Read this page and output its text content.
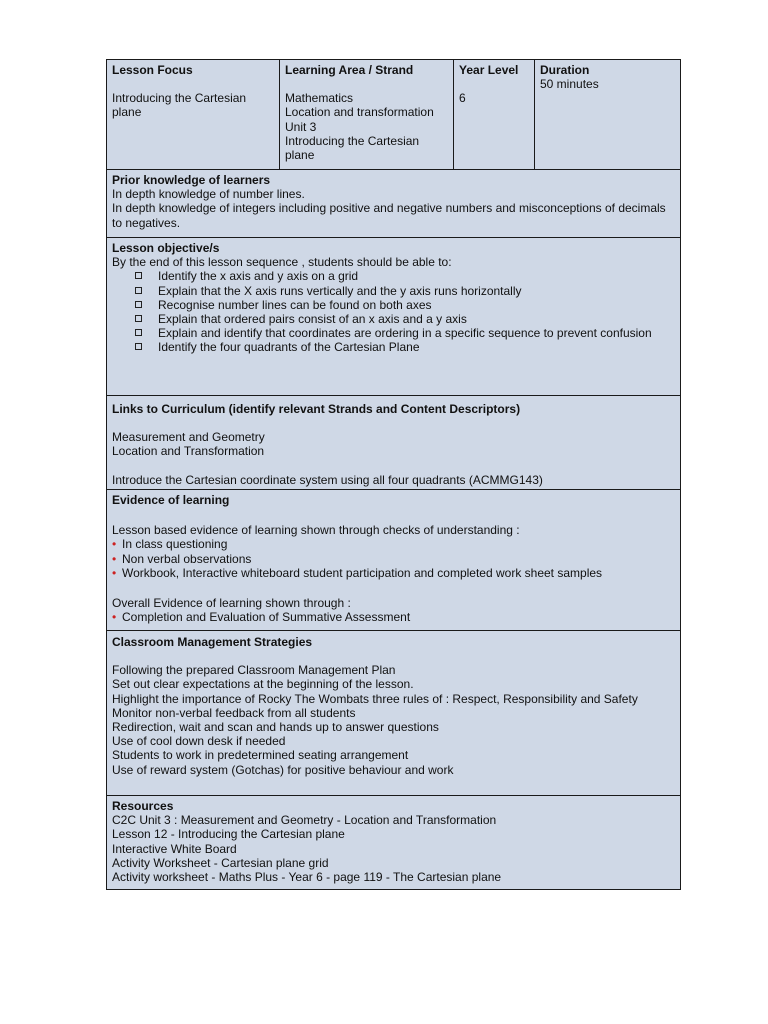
Lesson Focus
Introducing the Cartesian plane
Learning Area / Strand
Mathematics
Location and transformation
Unit 3
Introducing the Cartesian plane
Year Level
6
Duration
50 minutes
Prior knowledge of learners
In depth knowledge of number lines.
In depth knowledge of integers including positive and negative numbers and misconceptions of decimals to negatives.
Lesson objective/s
By the end of this lesson sequence , students should be able to:
Identify the x axis and y axis on a grid
Explain that the X axis runs vertically and the y axis runs horizontally
Recognise number lines can be found on both axes
Explain that ordered pairs consist of an x axis and a y axis
Explain and identify that coordinates are ordering in a specific sequence to prevent confusion
Identify the four quadrants of the Cartesian Plane
Links to Curriculum (identify relevant Strands and Content Descriptors)
Measurement and Geometry
Location and Transformation
Introduce the Cartesian coordinate system using all four quadrants (ACMMG143)
Evidence of learning
Lesson based evidence of learning shown through checks of understanding :
• In class questioning
• Non verbal observations
• Workbook, Interactive whiteboard student participation and completed work sheet samples
Overall Evidence of learning shown through :
• Completion and Evaluation of Summative Assessment
Classroom Management Strategies
Following the prepared Classroom Management Plan
Set out clear expectations at the beginning of the lesson.
Highlight the importance of Rocky The Wombats three rules of : Respect, Responsibility and Safety
Monitor non-verbal feedback from all students
Redirection, wait and scan and hands up to answer questions
Use of cool down desk if needed
Students to work in predetermined seating arrangement
Use of reward system (Gotchas) for positive behaviour and work
Resources
C2C Unit 3 : Measurement and Geometry - Location and Transformation
Lesson 12 - Introducing the Cartesian plane
Interactive White Board
Activity Worksheet - Cartesian plane grid
Activity worksheet - Maths Plus - Year 6 - page 119 - The Cartesian plane
